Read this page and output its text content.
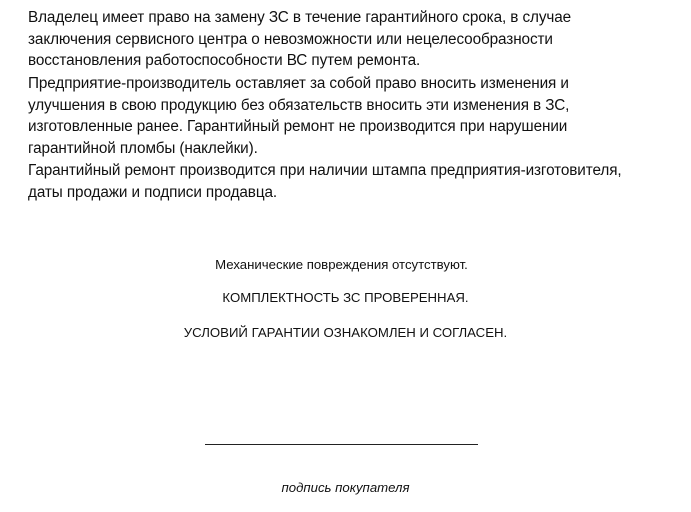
Владелец имеет право на замену ЗС в течение гарантийного срока, в случае
заключения сервисного центра о невозможности или нецелесообразности
восстановления работоспособности ВС путем ремонта.

Предприятие-производитель оставляет за собой право вносить изменения и
улучшения в свою продукцию без обязательств вносить эти изменения в ЗС,
изготовленные ранее. Гарантийный ремонт не производится при нарушении
гарантийной пломбы (наклейки).

Гарантийный ремонт производится при наличии штампа предприятия-изготовителя,
даты продажи и подписи продавца.

Механические повреждения отсутствуют.

КОМПЛЕКТНОСТЬ ЗС ПРОВЕРЕННАЯ.

УСЛОВИЙ ГАРАНТИИ ОЗНАКОМЛЕН И СОГЛАСЕН.

подпись покупателя
